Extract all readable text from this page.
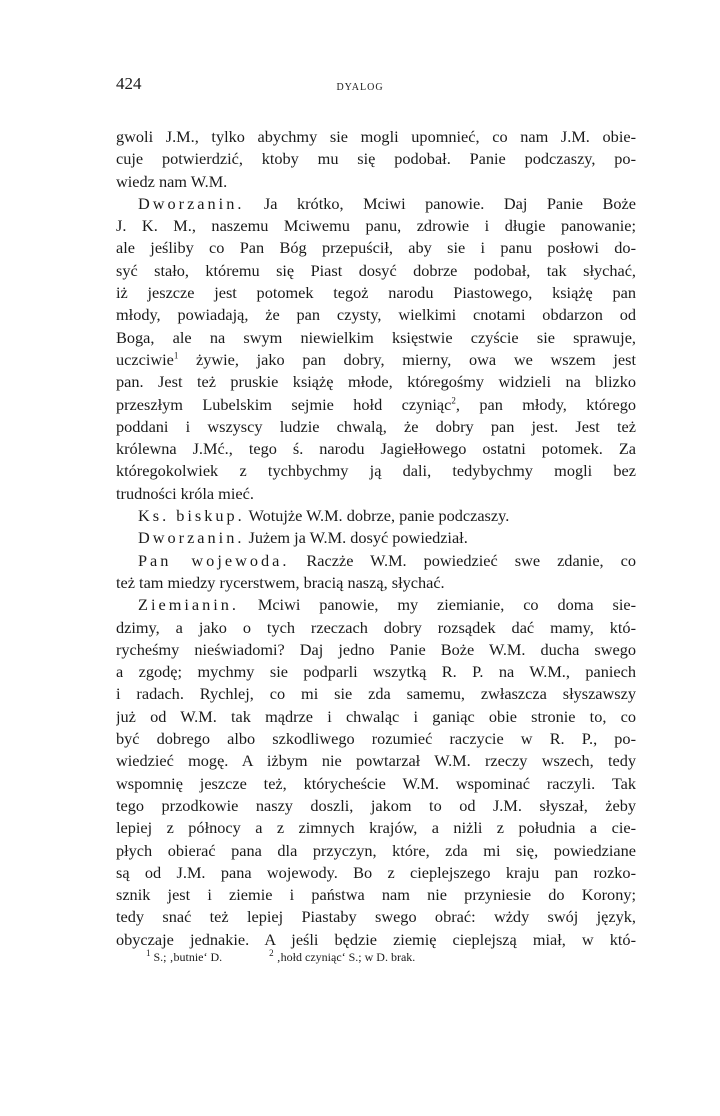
424	DYALOG
gwoli J.M., tylko abychmy sie mogli upomnieć, co nam J.M. obie-
cuje potwierdzić, ktoby mu się podobał. Panie podczaszy, po-
wiedz nam W.M.
Dworzanin. Ja krótko, Mciwi panowie. Daj Panie Boże
J. K. M., naszemu Mciwemu panu, zdrowie i długie panowanie;
ale jeśliby co Pan Bóg przepuścił, aby sie i panu posłowi do-
syć stało, któremu się Piast dosyć dobrze podobał, tak słychać,
iż jeszcze jest potomek tegoż narodu Piastowego, książę pan
młody, powiadają, że pan czysty, wielkimi cnotami obdarzon od
Boga, ale na swym niewielkim księstwie czyście sie sprawuje,
uczciwie$^1$ żywie, jako pan dobry, mierny, owa we wszem jest
pan. Jest też pruskie książę młode, któregośmy widzieli na blizko
przeszłym Lubelskim sejmie hołd czyniąc$^2$, pan młody, którego
poddani i wszyscy ludzie chwalą, że dobry pan jest. Jest też
królewna J.Mć., tego ś. narodu Jagiełłowego ostatni potomek. Za
któregokolwiek z tychbychmy ją dali, tedybychmy mogli bez
trudności króla mieć.
Ks. biskup. Wotujże W.M. dobrze, panie podczaszy.
Dworzanin. Jużem ja W.M. dosyć powiedział.
Pan wojewoda. Raczże W.M. powiedzieć swe zdanie, co
też tam miedzy rycerstwem, bracią naszą, słychać.
Ziemianin. Mciwi panowie, my ziemianie, co doma sie-
dzimy, a jako o tych rzeczach dobry rozsądek dać mamy, któ-
rycheśmy nieświadomi? Daj jedno Panie Boże W.M. ducha swego
a zgodę; mychmy sie podparli wszytką R. P. na W.M., paniech
i radach. Rychlej, co mi sie zda samemu, zwłaszcza słyszawszy
już od W.M. tak mądrze i chwaląc i ganiąc obie stronie to, co
być dobrego albo szkodliwego rozumieć raczycie w R. P., po-
wiedzieć mogę. A iżbym nie powtarzał W.M. rzeczy wszech, tedy
wspomnię jeszcze też, którycheście W.M. wspominać raczyli. Tak
tego przodkowie naszy doszli, jakom to od J.M. słyszał, żeby
lepiej z północy a z zimnych krajów, a niżli z południa a cie-
płych obierać pana dla przyczyn, które, zda mi się, powiedziane
są od J.M. pana wojewody. Bo z cieplejszego kraju pan rozko-
sznik jest i ziemie i państwa nam nie przyniesie do Korony;
tedy snać też lepiej Piastaby swego obrać: wżdy swój język,
obyczaje jednakie. A jeśli będzie ziemię cieplejszą miał, w któ-
$^1$ S.; ‚butnie‘ D.	$^2$ ‚hołd czyniąc‘ S.; w D. brak.
